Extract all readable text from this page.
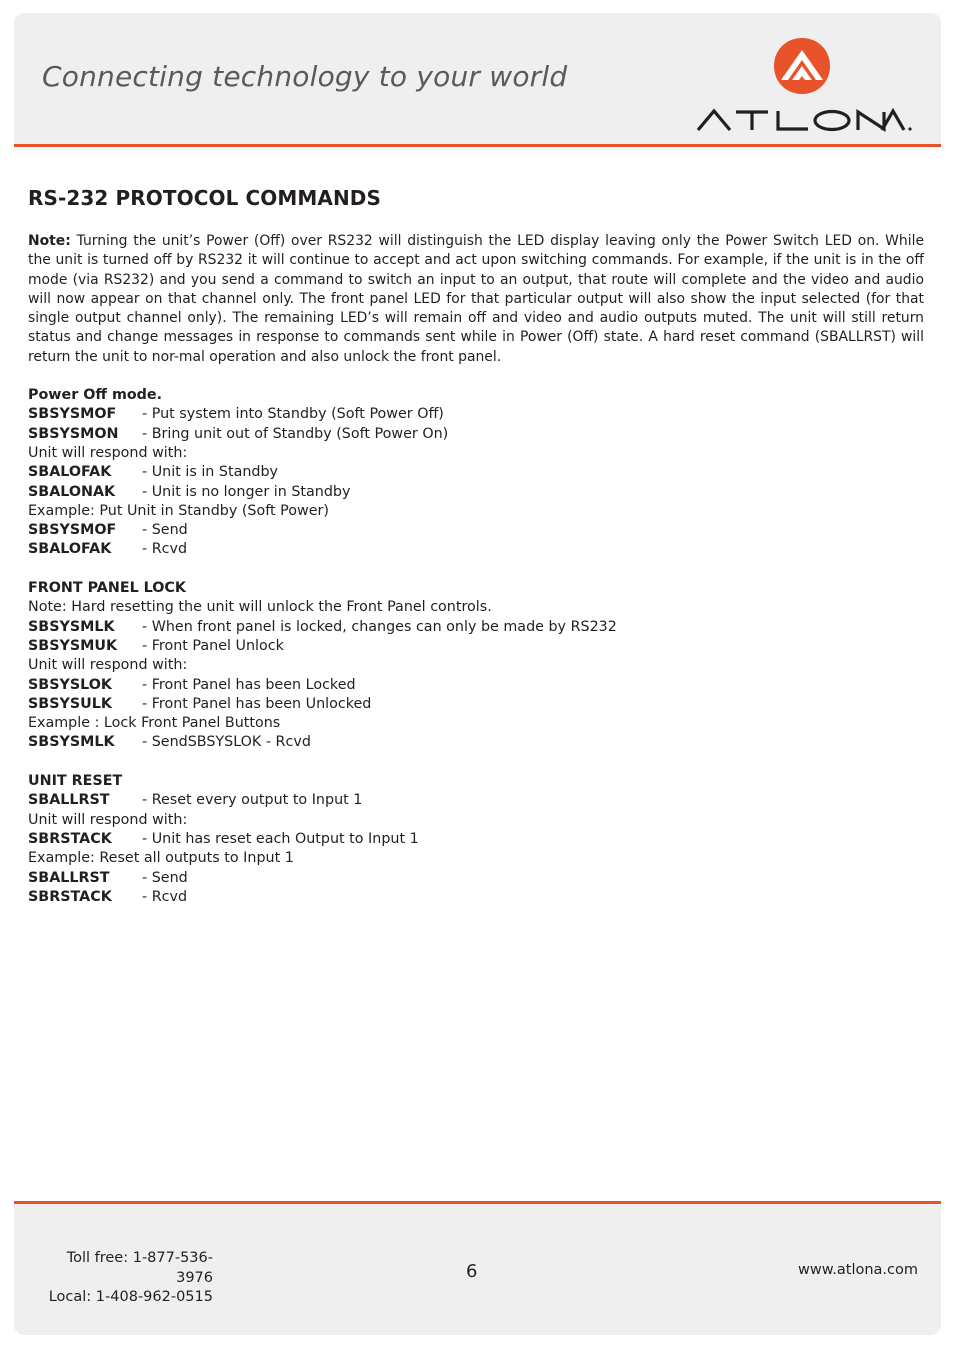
Connecting technology to your world
RS-232 PROTOCOL COMMANDS
Note: Turning the unit’s Power (Off) over RS232 will distinguish the LED display leaving only the Power Switch LED on. While the unit is turned off by RS232 it will continue to accept and act upon switching commands. For example, if the unit is in the off mode (via RS232) and you send a command to switch an input to an output, that route will complete and the video and audio will now appear on that channel only. The front panel LED for that particular output will also show the input selected (for that single output channel only). The remaining LED’s will remain off and video and audio outputs muted. The unit will still return status and change messages in response to commands sent while in Power (Off) state. A hard reset command (SBALLRST) will return the unit to nor-mal operation and also unlock the front panel.
Power Off mode.
SBSYSMOF - Put system into Standby (Soft Power Off)
SBSYSMON - Bring unit out of Standby (Soft Power On)
Unit will respond with:
SBALOFAK - Unit is in Standby
SBALONAK - Unit is no longer in Standby
Example: Put Unit in Standby (Soft Power)
SBSYSMOF - Send
SBALOFAK - Rcvd
FRONT PANEL LOCK
Note: Hard resetting the unit will unlock the Front Panel controls.
SBSYSMLK - When front panel is locked, changes can only be made by RS232
SBSYSMUK - Front Panel Unlock
Unit will respond with:
SBSYSLOK - Front Panel has been Locked
SBSYSULK - Front Panel has been Unlocked
Example : Lock Front Panel Buttons
SBSYSMLK - SendSBSYSLOK - Rcvd
UNIT RESET
SBALLRST - Reset every output to Input 1
Unit will respond with:
SBRSTACK - Unit has reset each Output to Input 1
Example: Reset all outputs to Input 1
SBALLRST - Send
SBRSTACK - Rcvd
Toll free: 1-877-536-3976
Local: 1-408-962-0515
6	www.atlona.com
